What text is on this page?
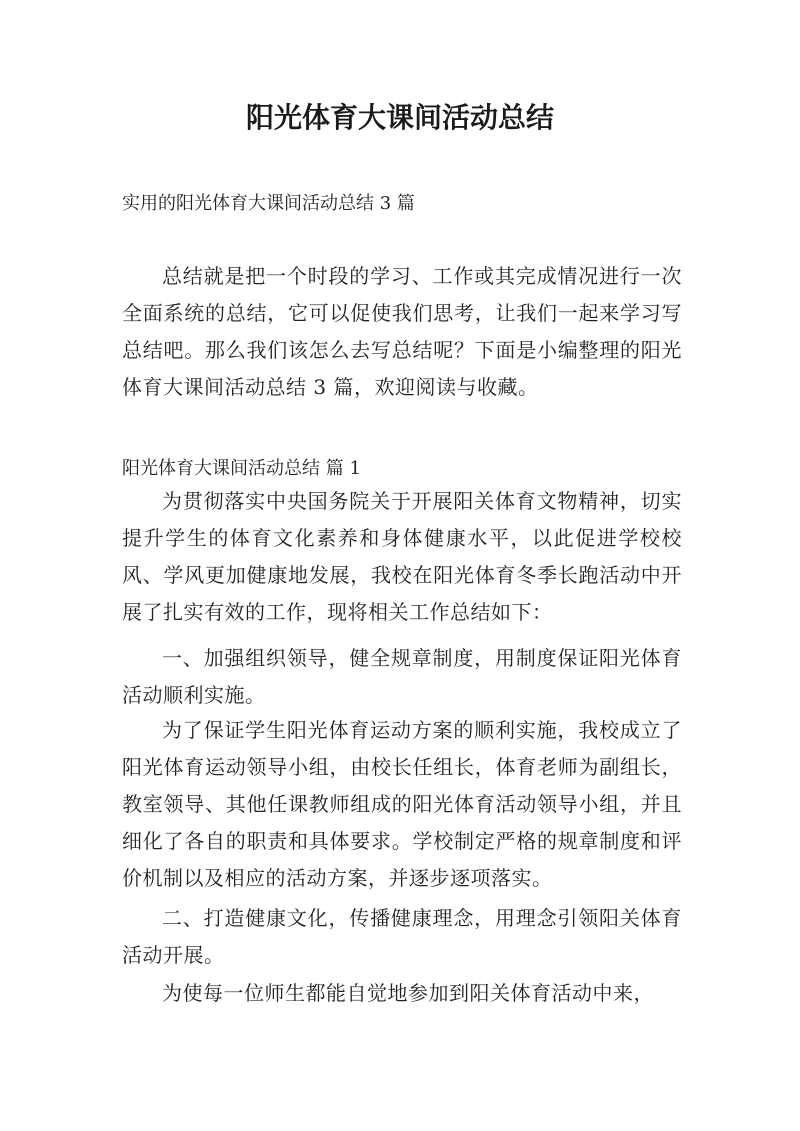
阳光体育大课间活动总结

实用的阳光体育大课间活动总结 3 篇

总结就是把一个时段的学习、工作或其完成情况进行一次全面系统的总结，它可以促使我们思考，让我们一起来学习写总结吧。那么我们该怎么去写总结呢？下面是小编整理的阳光体育大课间活动总结 3 篇，欢迎阅读与收藏。

阳光体育大课间活动总结 篇 1

为贯彻落实中央国务院关于开展阳关体育文物精神，切实提升学生的体育文化素养和身体健康水平，以此促进学校校风、学风更加健康地发展，我校在阳光体育冬季长跑活动中开展了扎实有效的工作，现将相关工作总结如下：

一、加强组织领导，健全规章制度，用制度保证阳光体育活动顺利实施。

为了保证学生阳光体育运动方案的顺利实施，我校成立了阳光体育运动领导小组，由校长任组长，体育老师为副组长，教室领导、其他任课教师组成的阳光体育活动领导小组，并且细化了各自的职责和具体要求。学校制定严格的规章制度和评价机制以及相应的活动方案，并逐步逐项落实。

二、打造健康文化，传播健康理念，用理念引领阳关体育活动开展。

为使每一位师生都能自觉地参加到阳关体育活动中来，
